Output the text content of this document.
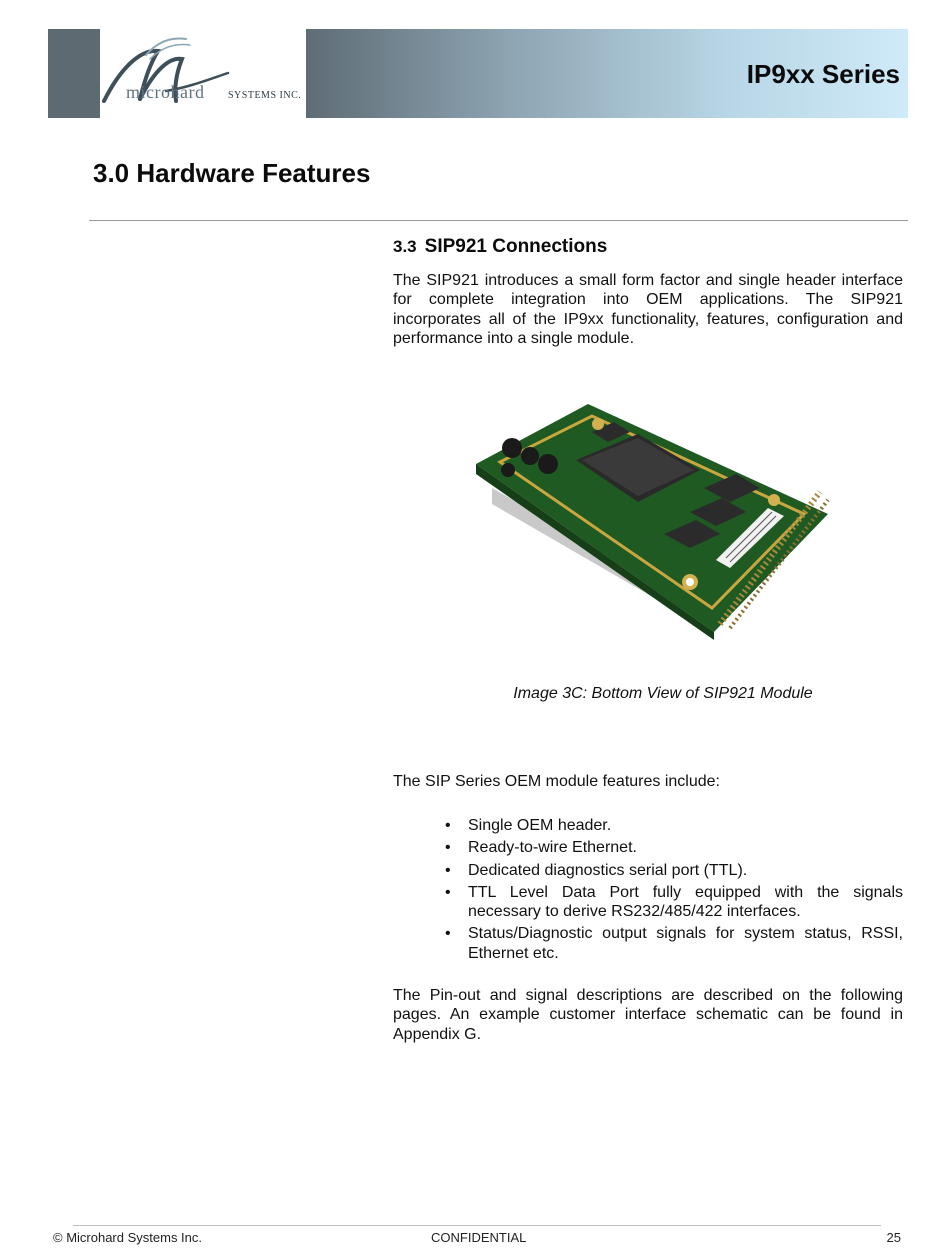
microhard SYSTEMS INC.
IP9xx Series
3.0 Hardware Features
3.3 SIP921 Connections

The SIP921 introduces a small form factor and single header interface for complete integration into OEM applications. The SIP921 incorporates all of the IP9xx functionality, features, configuration and performance into a single module.

Image 3C: Bottom View of SIP921 Module

The SIP Series OEM module features include:

• Single OEM header.
• Ready-to-wire Ethernet.
• Dedicated diagnostics serial port (TTL).
• TTL Level Data Port fully equipped with the signals necessary to derive RS232/485/422 interfaces.
• Status/Diagnostic output signals for system status, RSSI, Ethernet etc.

The Pin-out and signal descriptions are described on the following pages. An example customer interface schematic can be found in Appendix G.

© Microhard Systems Inc.	CONFIDENTIAL	25
